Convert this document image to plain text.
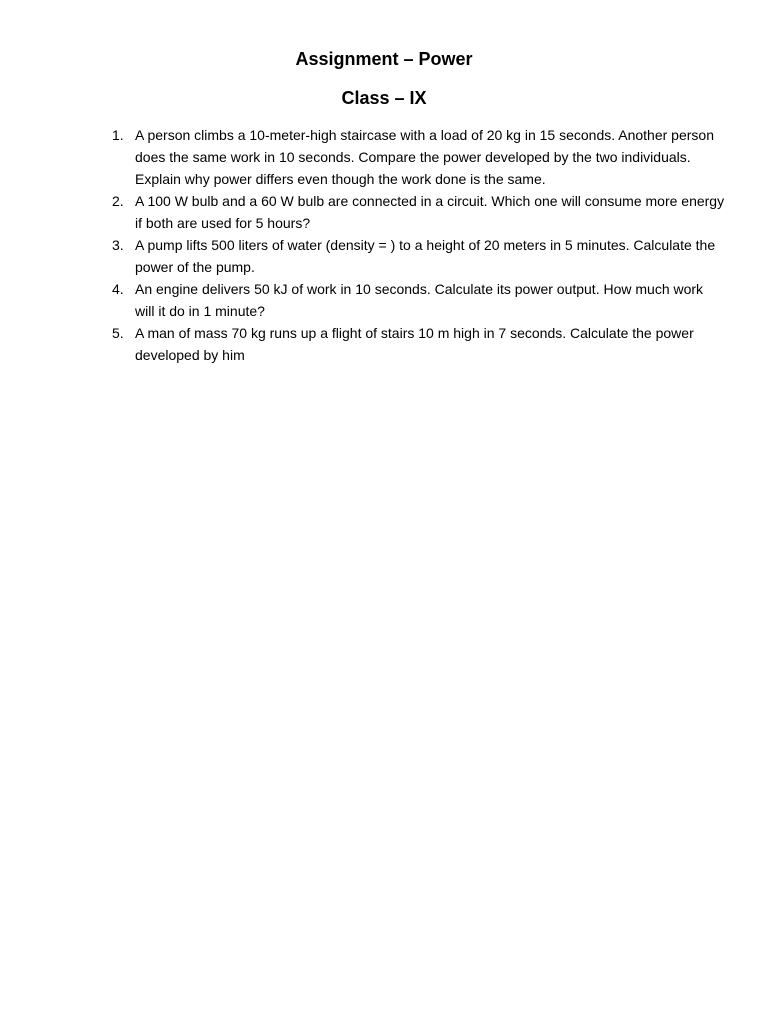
Assignment – Power
Class – IX
1. A person climbs a 10-meter-high staircase with a load of 20 kg in 15 seconds. Another person does the same work in 10 seconds. Compare the power developed by the two individuals. Explain why power differs even though the work done is the same.
2. A 100 W bulb and a 60 W bulb are connected in a circuit. Which one will consume more energy if both are used for 5 hours?
3. A pump lifts 500 liters of water (density = ) to a height of 20 meters in 5 minutes. Calculate the power of the pump.
4. An engine delivers 50 kJ of work in 10 seconds. Calculate its power output. How much work will it do in 1 minute?
5. A man of mass 70 kg runs up a flight of stairs 10 m high in 7 seconds. Calculate the power developed by him
